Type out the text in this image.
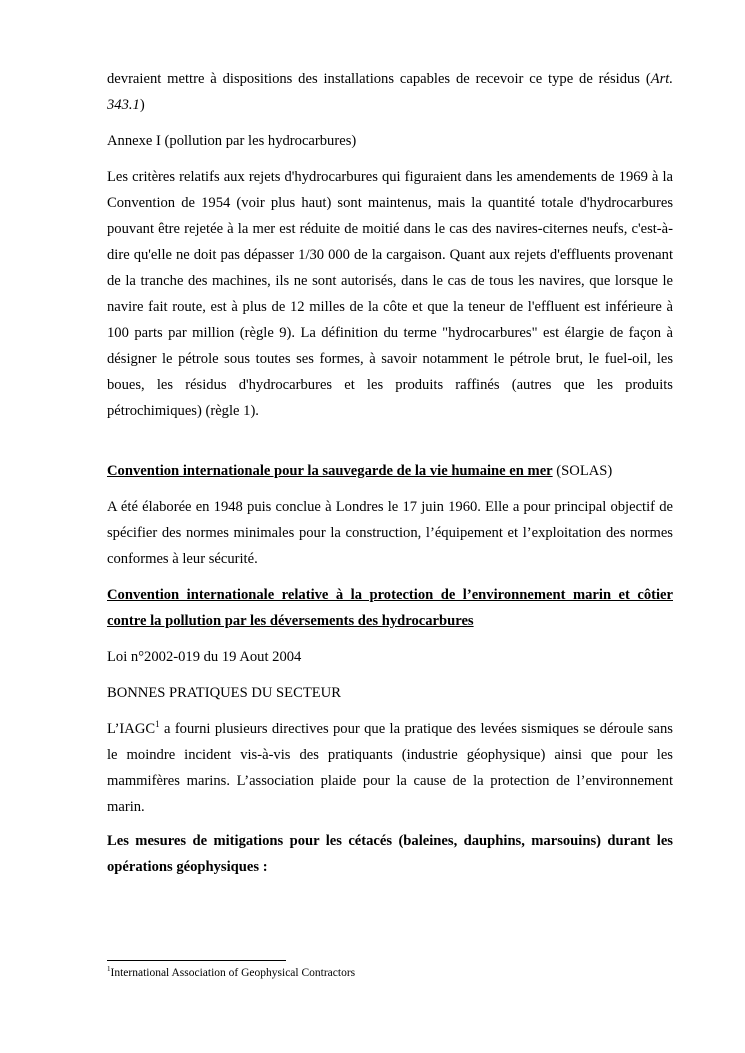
devraient mettre à dispositions des installations capables de recevoir ce type de résidus (Art. 343.1)

Annexe I (pollution par les hydrocarbures)

Les critères relatifs aux rejets d'hydrocarbures qui figuraient dans les amendements de 1969 à la Convention de 1954 (voir plus haut) sont maintenus, mais la quantité totale d'hydrocarbures pouvant être rejetée à la mer est réduite de moitié dans le cas des navires-citernes neufs, c'est-à-dire qu'elle ne doit pas dépasser 1/30 000 de la cargaison. Quant aux rejets d'effluents provenant de la tranche des machines, ils ne sont autorisés, dans le cas de tous les navires, que lorsque le navire fait route, est à plus de 12 milles de la côte et que la teneur de l'effluent est inférieure à 100 parts par million (règle 9). La définition du terme "hydrocarbures" est élargie de façon à désigner le pétrole sous toutes ses formes, à savoir notamment le pétrole brut, le fuel-oil, les boues, les résidus d'hydrocarbures et les produits raffinés (autres que les produits pétrochimiques) (règle 1).

Convention internationale pour la sauvegarde de la vie humaine en mer (SOLAS)

A été élaborée en 1948 puis conclue à Londres le 17 juin 1960. Elle a pour principal objectif de spécifier des normes minimales pour la construction, l’équipement et l’exploitation des normes conformes à leur sécurité.

Convention internationale relative à la protection de l’environnement marin et côtier contre la pollution par les déversements des hydrocarbures

Loi n°2002-019 du 19 Aout 2004

BONNES PRATIQUES DU SECTEUR

L’IAGC$^1$ a fourni plusieurs directives pour que la pratique des levées sismiques se déroule sans le moindre incident vis-à-vis des pratiquants (industrie géophysique) ainsi que pour les mammifères marins. L’association plaide pour la cause de la protection de l’environnement marin.

Les mesures de mitigations pour les cétacés (baleines, dauphins, marsouins) durant les opérations géophysiques :

$^1$International Association of Geophysical Contractors
